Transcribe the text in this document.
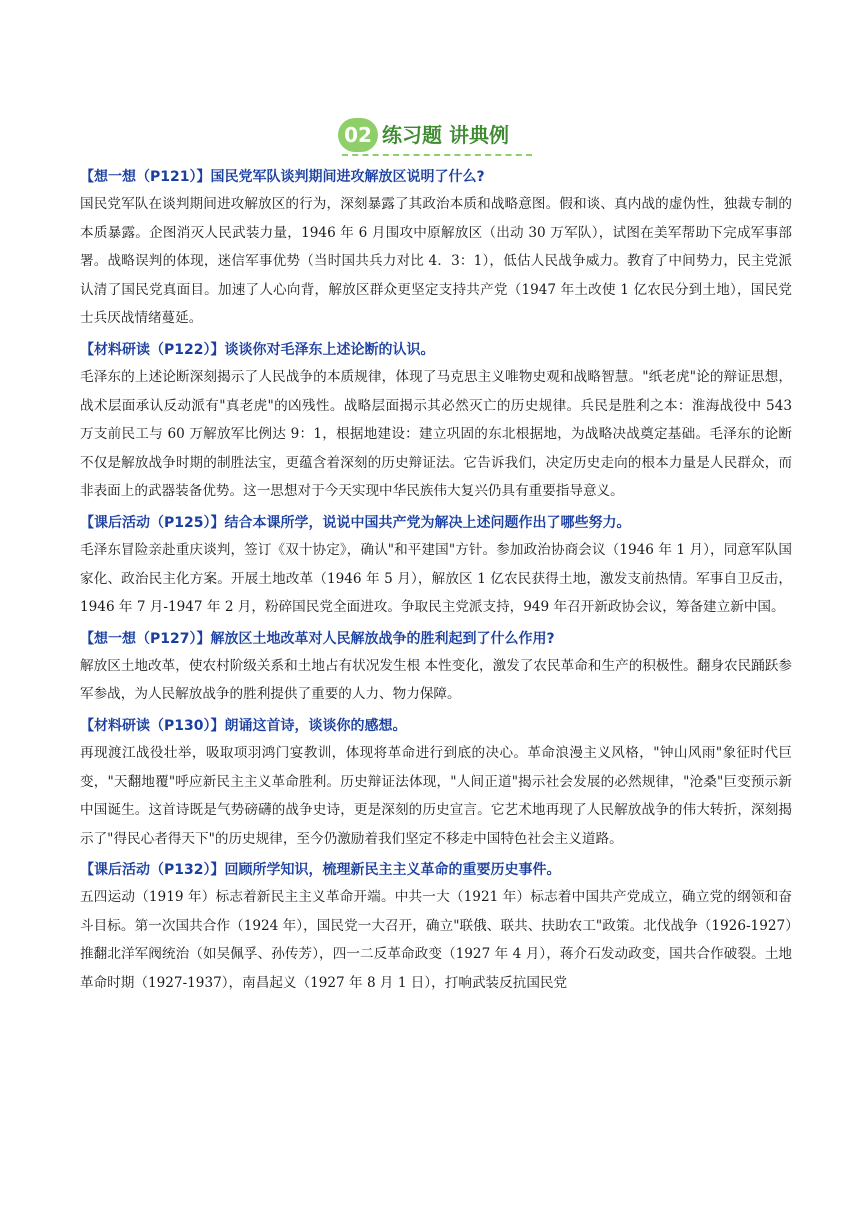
02 练习题 讲典例
【想一想（P121）】国民党军队谈判期间进攻解放区说明了什么?

国民党军队在谈判期间进攻解放区的行为，深刻暴露了其政治本质和战略意图。假和谈、真内战的虚伪性，独裁专制的本质暴露。企图消灭人民武装力量，1946 年 6 月围攻中原解放区（出动 30 万军队），试图在美军帮助下完成军事部署。战略误判的体现，迷信军事优势（当时国共兵力对比 4．3：1），低估人民战争威力。教育了中间势力，民主党派认清了国民党真面目。加速了人心向背，解放区群众更坚定支持共产党（1947 年土改使 1 亿农民分到土地），国民党士兵厌战情绪蔓延。

【材料研读（P122）】谈谈你对毛泽东上述论断的认识。

毛泽东的上述论断深刻揭示了人民战争的本质规律，体现了马克思主义唯物史观和战略智慧。"纸老虎"论的辩证思想，战术层面承认反动派有"真老虎"的凶残性。战略层面揭示其必然灭亡的历史规律。兵民是胜利之本：淮海战役中 543 万支前民工与 60 万解放军比例达 9：1，根据地建设：建立巩固的东北根据地，为战略决战奠定基础。毛泽东的论断不仅是解放战争时期的制胜法宝，更蕴含着深刻的历史辩证法。它告诉我们，决定历史走向的根本力量是人民群众，而非表面上的武器装备优势。这一思想对于今天实现中华民族伟大复兴仍具有重要指导意义。

【课后活动（P125）】结合本课所学，说说中国共产党为解决上述问题作出了哪些努力。

毛泽东冒险亲赴重庆谈判，签订《双十协定》，确认"和平建国"方针。参加政治协商会议（1946 年 1 月），同意军队国家化、政治民主化方案。开展土地改革（1946 年 5 月），解放区 1 亿农民获得土地，激发支前热情。军事自卫反击，1946 年 7 月-1947 年 2 月，粉碎国民党全面进攻。争取民主党派支持，949 年召开新政协会议，筹备建立新中国。

【想一想（P127）】解放区土地改革对人民解放战争的胜利起到了什么作用?

解放区土地改革，使农村阶级关系和土地占有状况发生根 本性变化，激发了农民革命和生产的积极性。翻身农民踊跃参 军参战，为人民解放战争的胜利提供了重要的人力、物力保障。

【材料研读（P130）】朗诵这首诗，谈谈你的感想。

再现渡江战役壮举，吸取项羽鸿门宴教训，体现将革命进行到底的决心。革命浪漫主义风格，"钟山风雨"象征时代巨变，"天翻地覆"呼应新民主主义革命胜利。历史辩证法体现，"人间正道"揭示社会发展的必然规律，"沧桑"巨变预示新中国诞生。这首诗既是气势磅礴的战争史诗，更是深刻的历史宣言。它艺术地再现了人民解放战争的伟大转折，深刻揭示了"得民心者得天下"的历史规律，至今仍激励着我们坚定不移走中国特色社会主义道路。

【课后活动（P132）】回顾所学知识，梳理新民主主义革命的重要历史事件。

五四运动（1919 年）标志着新民主主义革命开端。中共一大（1921 年）标志着中国共产党成立，确立党的纲领和奋斗目标。第一次国共合作（1924 年），国民党一大召开，确立"联俄、联共、扶助农工"政策。北伐战争（1926-1927）推翻北洋军阀统治（如吴佩孚、孙传芳），四一二反革命政变（1927 年 4 月），蒋介石发动政变，国共合作破裂。土地革命时期（1927-1937），南昌起义（1927 年 8 月 1 日），打响武装反抗国民党
